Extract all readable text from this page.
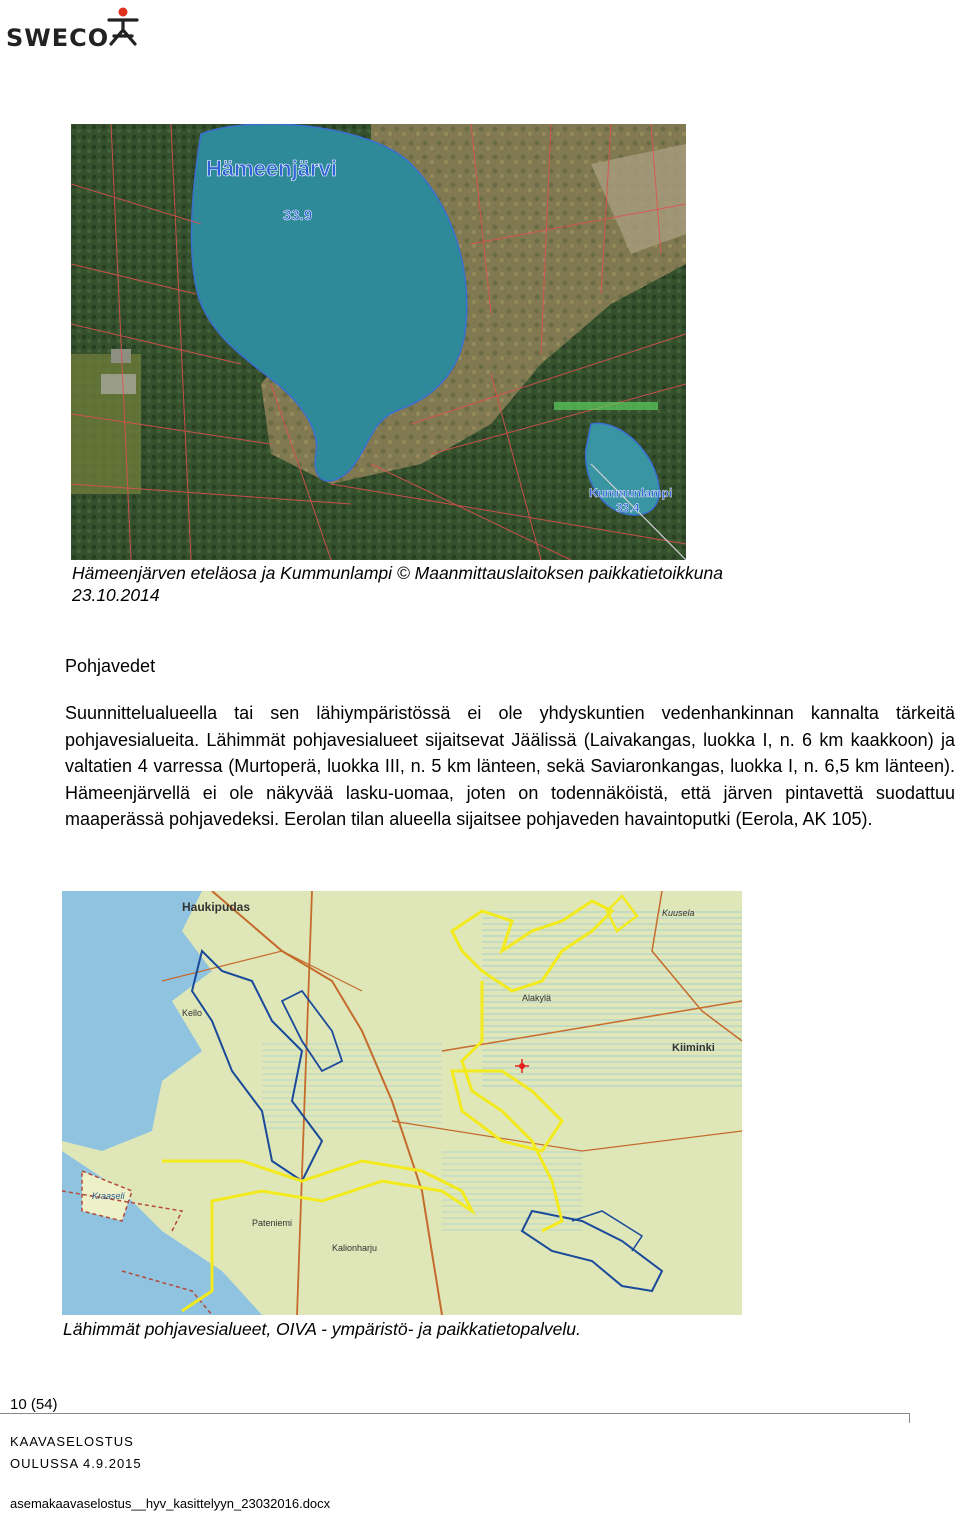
SWECO
Hämeenjärvi
33.9
Kummunlampi
33.4
Hämeenjärven eteläosa ja Kummunlampi © Maanmittauslaitoksen paikkatietoikkuna
23.10.2014
Pohjavedet
Suunnittelualueella tai sen lähiympäristössä ei ole yhdyskuntien vedenhankinnan kannalta tärkeitä pohjavesialueita. Lähimmät pohjavesialueet sijaitsevat Jäälissä (Laivakangas, luokka I, n. 6 km kaakkoon) ja valtatien 4 varressa (Murtoperä, luokka III, n. 5 km länteen, sekä Saviaronkangas, luokka I, n. 6,5 km länteen). Hämeenjärvellä ei ole näkyvää lasku-uomaa, joten on todennäköistä, että järven pintavettä suodattuu maaperässä pohjavedeksi. Eerolan tilan alueella sijaitsee pohjaveden havaintoputki (Eerola, AK 105).
Haukipudas
Kiiminki
Kello
Kraaseli
Pateniemi
Kalionharju
Alakylä
Kuusela
Lähimmät pohjavesialueet, OIVA - ympäristö- ja paikkatietopalvelu.
10 (54)
KAAVASELOSTUS
OULUSSA 4.9.2015
asemakaavaselostus__hyv_kasittelyyn_23032016.docx
